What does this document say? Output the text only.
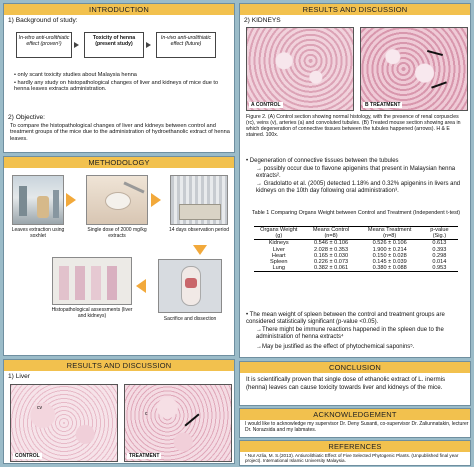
INTRODUCTION
1) Background of study:
In-vitro anti-urolithiatic effect (proven¹)
Toxicity of henna (present study)
In-vivo anti-urolithiatic effect (future)
• only scant toxicity studies about Malaysia henna
• hardly any study on histopathological changes of liver and kidneys of mice due to henna leaves extracts administration.
2) Objective:
To compare the histopathological changes of liver and kidneys between control and treatment groups of the mice due to the administration of hydroethanolic extract of henna leaves.
METHODOLOGY
Leaves extraction using soxhlet
Single dose of 2000 mg/kg extracts
14 days observation period
Sacrifice and dissection
Histopathological assessments (liver and kidneys)
RESULTS AND DISCUSSION
1) Liver
cv
CONTROL
c
TREATMENT
RESULTS AND DISCUSSION
2) KIDNEYS
A CONTROL	B TREATMENT
Figure 2. (A) Control section showing normal histology, with the presence of renal corpuscles (rc), veins (v), arteries (a) and convoluted tubules. (B) Treated mouse section showing area in which degeneration of connective tissues between the tubules happened (arrows). H & E stained. 100x.
• Degeneration of connective tissues between the tubules
→ possibly occur due to flavone apigenins that present in Malaysian henna extracts².
→ Gradolatto et al. (2005) detected 1.18% and 0.32% apigenins in livers and kidneys on the 10th day following oral administration³.
Table 1 Comparing Organs Weight between Control and Treatment (Independent t-test)
Organs Weight (g)	Means Control (n=8)	Means Treatment (n=8)	p-value (Sig.)
Kidneys	0.546 ± 0.106	0.526 ± 0.106	0.613
Liver	2.028 ± 0.353	1.900 ± 0.214	0.393
Heart	0.165 ± 0.030	0.150 ± 0.028	0.298
Spleen	0.226 ± 0.073	0.145 ± 0.039	0.014
Lung	0.382 ± 0.061	0.380 ± 0.088	0.953
• The mean weight of spleen between the control and treatment groups are considered statistically significant (p-value <0.05).
→There might be immune reactions happened in the spleen due to the administration of henna extracts⁴
→May be justified as the effect of phytochemical saponins⁵.
CONCLUSION
It is scientifically proven that single dose of ethanolic extract of L. inermis (henna) leaves can cause toxicity towards liver and kidneys of the mice.
ACKNOWLEDGEMENT
I would like to acknowledge my supervisor Dr. Deny Susanti, co-supervisor Dr. Zaliunnatakin, lecturer Dr. Norazsida and my labmates.
REFERENCES
¹ Nur Azlia, M. S.(2013). Antiurolithiatic Effect of Five Selected Phytogenic Plants. (Unpublished final year project). International Islamic University Malaysia.
